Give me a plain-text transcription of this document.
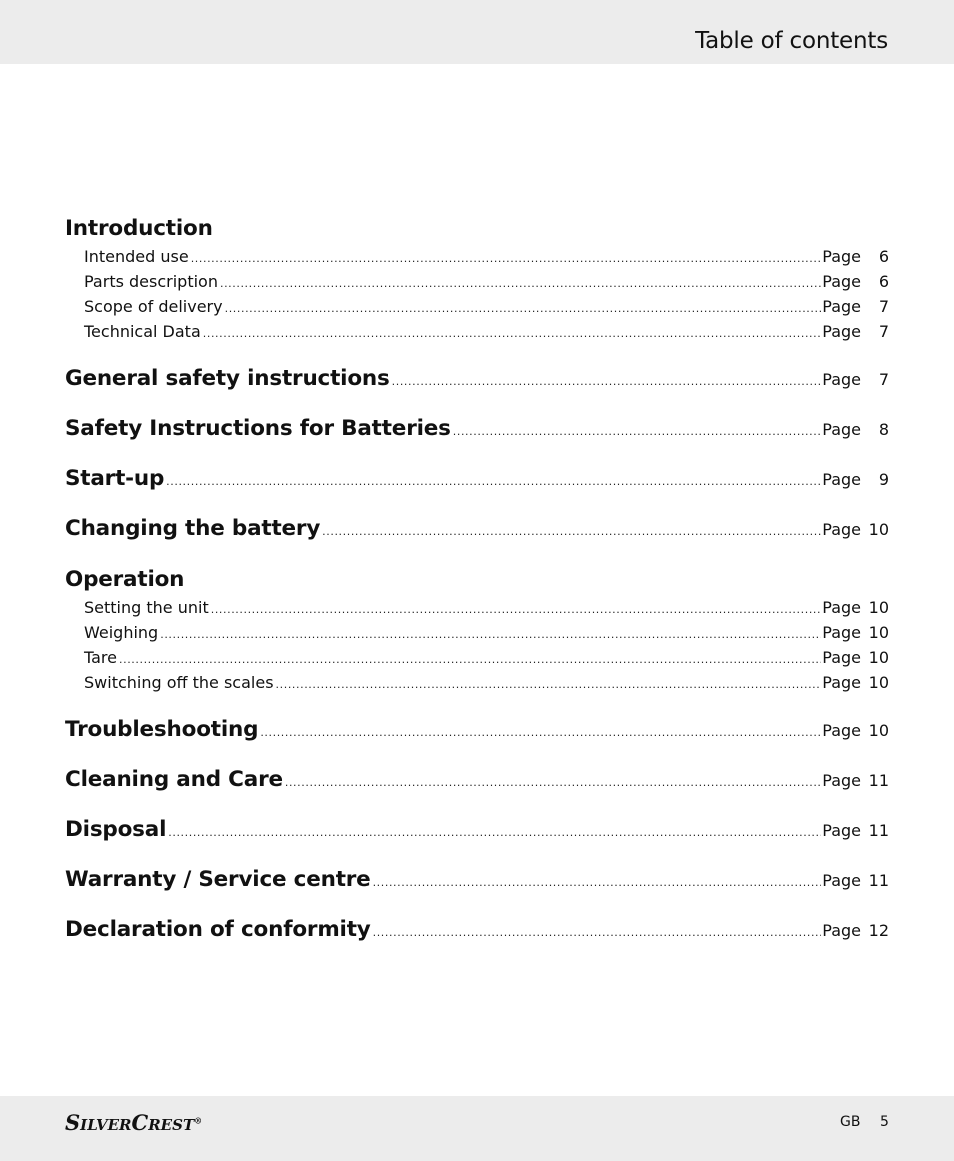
Table of contents
Introduction
Intended use .....	Page	6
Parts description .....	Page	6
Scope of delivery .....	Page	7
Technical Data .....	Page	7
General safety instructions .....	Page	7
Safety Instructions for Batteries .....	Page	8
Start-up .....	Page	9
Changing the battery .....	Page 10
Operation
Setting the unit .....	Page 10
Weighing .....	Page 10
Tare .....	Page 10
Switching off the scales .....	Page 10
Troubleshooting .....	Page 10
Cleaning and Care .....	Page 11
Disposal .....	Page 11
Warranty / Service centre .....	Page 11
Declaration of conformity .....	Page 12
SILVERCREST®	GB 5
